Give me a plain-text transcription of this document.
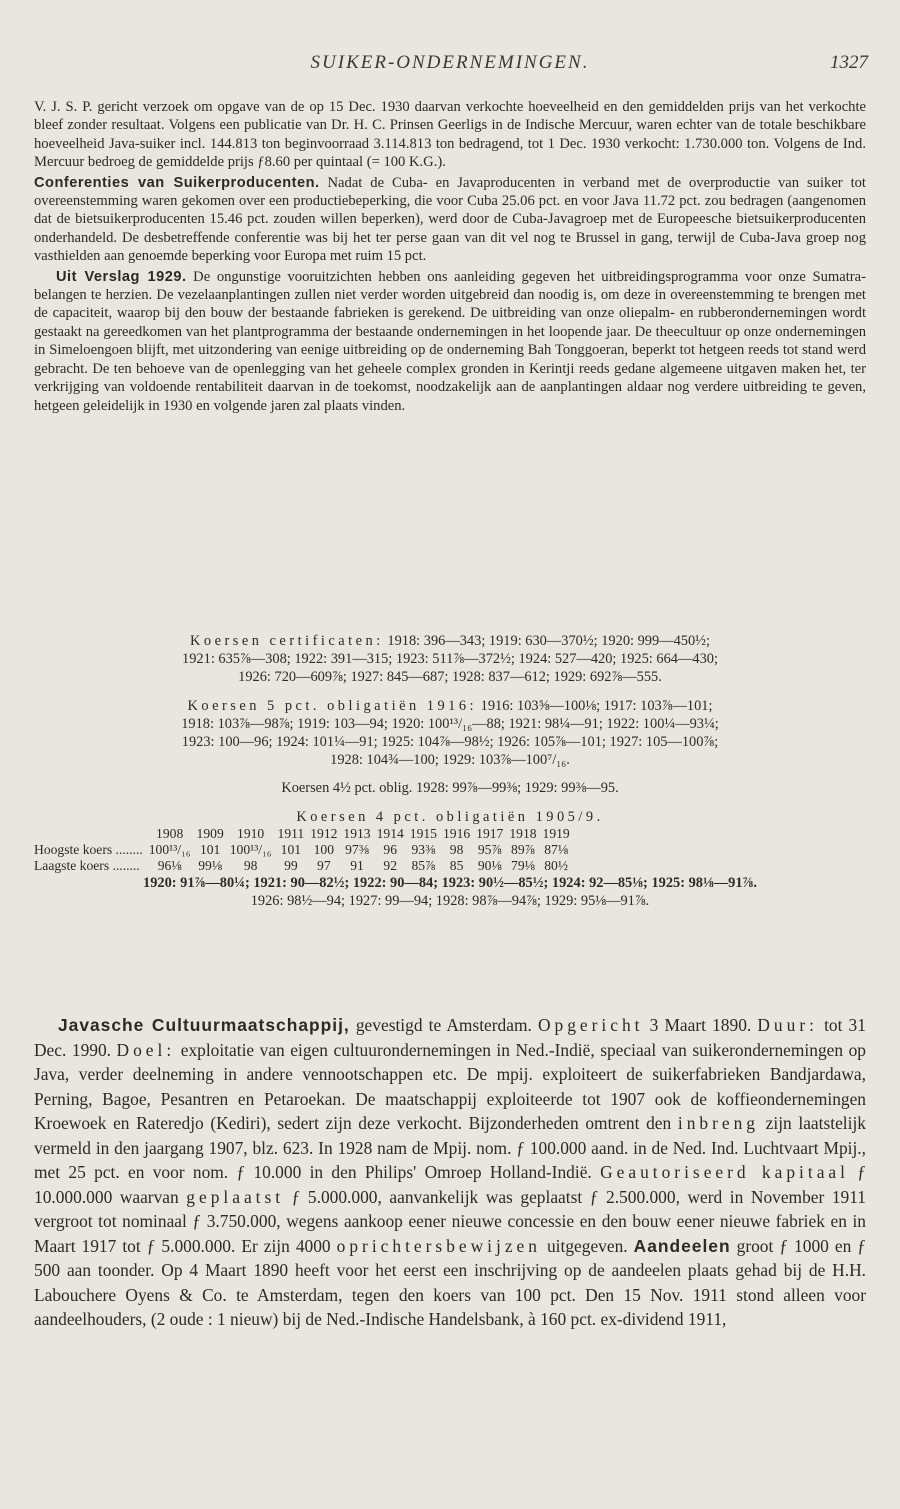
SUIKER-ONDERNEMINGEN.	1327

V. J. S. P. gericht verzoek om opgave van de op 15 Dec. 1930 daarvan verkochte hoeveelheid en den gemiddelden prijs van het verkochte bleef zonder resultaat. Volgens een publicatie van Dr. H. C. Prinsen Geerligs in de Indische Mercuur, waren echter van de totale beschikbare hoeveelheid Java-suiker incl. 144.813 ton beginvoorraad 3.114.813 ton bedragend, tot 1 Dec. 1930 verkocht: 1.730.000 ton. Volgens de Ind. Mercuur bedroeg de gemiddelde prijs ƒ8.60 per quintaal (= 100 K.G.).

Conferenties van Suikerproducenten. Nadat de Cuba- en Javaproducenten in verband met de overproductie van suiker tot overeenstemming waren gekomen over een productiebeperking, die voor Cuba 25.06 pct. en voor Java 11.72 pct. zou bedragen (aangenomen dat de bietsuikerproducenten 15.46 pct. zouden willen beperken), werd door de Cuba-Javagroep met de Europeesche bietsuikerproducenten onderhandeld. De desbetreffende conferentie was bij het ter perse gaan van dit vel nog te Brussel in gang, terwijl de Cuba-Java groep nog vasthielden aan genoemde beperking voor Europa met ruim 15 pct.

Uit Verslag 1929. De ongunstige vooruitzichten hebben ons aanleiding gegeven het uitbreidingsprogramma voor onze Sumatra-belangen te herzien. De vezelaanplantingen zullen niet verder worden uitgebreid dan noodig is, om deze in overeenstemming te brengen met de capaciteit, waarop bij den bouw der bestaande fabrieken is gerekend. De uitbreiding van onze oliepalm- en rubberondernemingen wordt gestaakt na gereedkomen van het plantprogramma der bestaande ondernemingen in het loopende jaar. De theecultuur op onze ondernemingen in Simeloengoen blijft, met uitzondering van eenige uitbreiding op de onderneming Bah Tonggoeran, beperkt tot hetgeen reeds tot stand werd gebracht. De ten behoeve van de openlegging van het geheele complex gronden in Kerintji reeds gedane algemeene uitgaven maken het, ter verkrijging van voldoende rentabiliteit daarvan in de toekomst, noodzakelijk aan de aanplantingen aldaar nog verdere uitbreiding te geven, hetgeen geleidelijk in 1930 en volgende jaren zal plaats vinden.

Koersen certificaten: 1918: 396—343; 1919: 630—370½; 1920: 999—450½;
1921: 635⅞—308; 1922: 391—315; 1923: 511⅞—372½; 1924: 527—420; 1925: 664—430;
1926: 720—609⅞; 1927: 845—687; 1928: 837—612; 1929: 692⅞—555.
Koersen 5 pct. obligatiën 1916: 1916: 103⅝—100⅛; 1917: 103⅞—101;
1918: 103⅞—98⅞; 1919: 103—94; 1920: 100¹³/₁₆—88; 1921: 98¼—91; 1922: 100¼—93¼;
1923: 100—96; 1924: 101¼—91; 1925: 104⅞—98½; 1926: 105⅞—101; 1927: 105—100⅞;
1928: 104¾—100; 1929: 103⅞—100⁷/₁₆.
Koersen 4½ pct. oblig. 1928: 99⅞—99⅜; 1929: 99⅜—95.
Koersen 4 pct. obligatiën 1905/9.
	1908	1909	1910	1911	1912	1913	1914	1915	1916	1917	1918	1919
Hoogste koers ........	100¹³/₁₆	101	100¹³/₁₆	101	100	97⅜	96	93⅜	98	95⅞	89⅞	87⅛
Laagste koers ........	96⅛	99⅛	98	99	97	91	92	85⅞	85	90⅛	79⅛	80½
1920: 91⅞—80¼; 1921: 90—82½; 1922: 90—84; 1923: 90½—85½; 1924: 92—85⅛; 1925: 98⅛—91⅞.
1926: 98½—94; 1927: 99—94; 1928: 98⅞—94⅞; 1929: 95⅛—91⅞.

Javasche Cultuurmaatschappij, gevestigd te Amsterdam. Opgericht 3 Maart 1890. Duur: tot 31 Dec. 1990. Doel: exploitatie van eigen cultuurondernemingen in Ned.-Indië, speciaal van suikerondernemingen op Java, verder deelneming in andere vennootschappen etc. De mpij. exploiteert de suikerfabrieken Bandjardawa, Perning, Bagoe, Pesantren en Petaroekan. De maatschappij exploiteerde tot 1907 ook de koffieondernemingen Kroewoek en Rateredjo (Kediri), sedert zijn deze verkocht. Bijzonderheden omtrent den inbreng zijn laatstelijk vermeld in den jaargang 1907, blz. 623. In 1928 nam de Mpij. nom. ƒ 100.000 aand. in de Ned. Ind. Luchtvaart Mpij., met 25 pct. en voor nom. ƒ 10.000 in den Philips' Omroep Holland-Indië. Geautoriseerd kapitaal ƒ 10.000.000 waarvan geplaatst ƒ 5.000.000, aanvankelijk was geplaatst ƒ 2.500.000, werd in November 1911 vergroot tot nominaal ƒ 3.750.000, wegens aankoop eener nieuwe concessie en den bouw eener nieuwe fabriek en in Maart 1917 tot ƒ 5.000.000. Er zijn 4000 oprichtersbewijzen uitgegeven. Aandeelen groot ƒ 1000 en ƒ 500 aan toonder. Op 4 Maart 1890 heeft voor het eerst een inschrijving op de aandeelen plaats gehad bij de H.H. Labouchere Oyens & Co. te Amsterdam, tegen den koers van 100 pct. Den 15 Nov. 1911 stond alleen voor aandeelhouders, (2 oude : 1 nieuw) bij de Ned.-Indische Handelsbank, à 160 pct. ex-dividend 1911,
